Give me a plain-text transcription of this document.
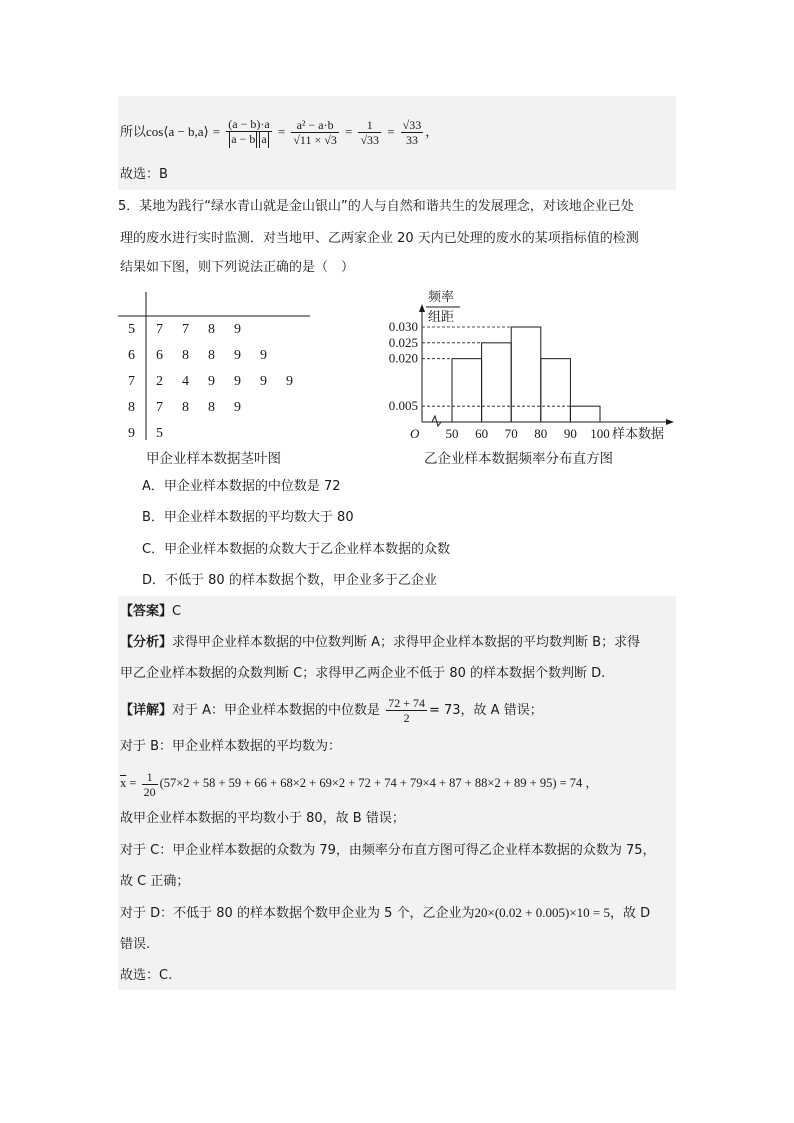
所以cos⟨a − b,a⟩ = $\frac{(a - b)\cdot a}{\text{a − b a}} = \frac{\text{a² − a·b}}{√11 \times √3} = \frac{1}{√33} = \frac{√33}{33}$ ，
故选：B
5．某地为践行“绿水青山就是金山银山”的人与自然和谐共生的发展理念，对该地企业已处
理的废水进行实时监测．对当地甲、乙两家企业 20 天内已处理的废水的某项指标值的检测
结果如下图，则下列说法正确的是（　）
5 7 7 8 9
6 6 8 8 9 9
7 2 4 9 9 9 9
8 7 8 8 9
9 5
甲企业样本数据茎叶图
频率
组距
O
0.030
0.025
0.020
0.005
50 60 70 80 90 100 样本数据
乙企业样本数据频率分布直方图
A．甲企业样本数据的中位数是 72
B．甲企业样本数据的平均数大于 80
C．甲企业样本数据的众数大于乙企业样本数据的众数
D．不低于 80 的样本数据个数，甲企业多于乙企业
【答案】C
【分析】求得甲企业样本数据的中位数判断 A；求得甲企业样本数据的平均数判断 B；求得
甲乙企业样本数据的众数判断 C；求得甲乙两企业不低于 80 的样本数据个数判断 D.
【详解】对于 A：甲企业样本数据的中位数是 $\frac{72 + 74}{2} = 73$，故 A 错误；
对于 B：甲企业样本数据的平均数为：
$\overline{x} = \frac{1}{20} (57\times 2 + 58 + 59 + 66 + 68\times 2 + 69\times 2 + 72 + 74 + 79\times 4 + 87 + 88\times 2 + 89 + 95) = 74$ ，
故甲企业样本数据的平均数小于 80，故 B 错误；
对于 C：甲企业样本数据的众数为 79，由频率分布直方图可得乙企业样本数据的众数为 75，
故 C 正确；
对于 D：不低于 80 的样本数据个数甲企业为 5 个，乙企业为20×(0.02 + 0.005)×10 = 5，故 D
错误.
故选：C.
